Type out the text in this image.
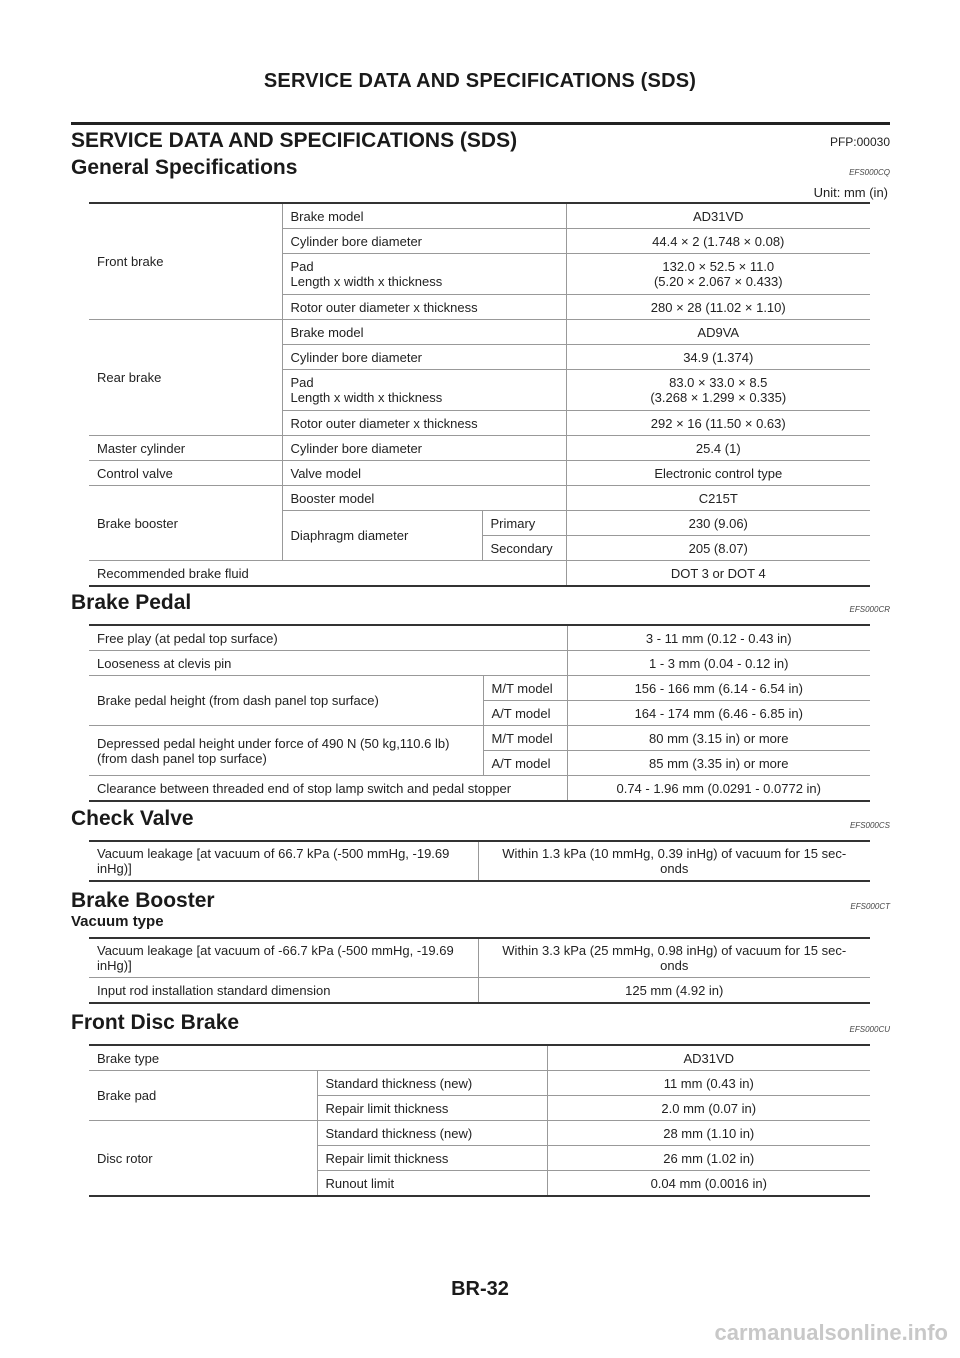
SERVICE DATA AND SPECIFICATIONS (SDS)
SERVICE DATA AND SPECIFICATIONS (SDS)	PFP:00030
General Specifications	EFS000CQ
Unit: mm (in)
Front brake	Brake model		AD31VD
	Cylinder bore diameter		44.4 × 2 (1.748 × 0.08)
	Pad
Length x width x thickness		132.0 × 52.5 × 11.0
(5.20 × 2.067 × 0.433)
	Rotor outer diameter x thickness		280 × 28 (11.02 × 1.10)
Rear brake	Brake model		AD9VA
	Cylinder bore diameter		34.9 (1.374)
	Pad
Length x width x thickness		83.0 × 33.0 × 8.5
(3.268 × 1.299 × 0.335)
	Rotor outer diameter x thickness		292 × 16 (11.50 × 0.63)
Master cylinder	Cylinder bore diameter		25.4 (1)
Control valve	Valve model		Electronic control type
Brake booster	Booster model		C215T
	Diaphragm diameter	Primary	230 (9.06)
		Secondary	205 (8.07)
Recommended brake fluid			DOT 3 or DOT 4
Brake Pedal	EFS000CR
Free play (at pedal top surface)		3 - 11 mm (0.12 - 0.43 in)
Looseness at clevis pin		1 - 3 mm (0.04 - 0.12 in)
Brake pedal height (from dash panel top surface)	M/T model	156 - 166 mm (6.14 - 6.54 in)
	A/T model	164 - 174 mm (6.46 - 6.85 in)
Depressed pedal height under force of 490 N (50 kg,110.6 lb)
(from dash panel top surface)	M/T model	80 mm (3.15 in) or more
	A/T model	85 mm (3.35 in) or more
Clearance between threaded end of stop lamp switch and pedal stopper		0.74 - 1.96 mm (0.0291 - 0.0772 in)
Check Valve	EFS000CS
Vacuum leakage [at vacuum of 66.7 kPa (-500 mmHg, -19.69
inHg)]	Within 1.3 kPa (10 mmHg, 0.39 inHg) of vacuum for 15 sec-
onds
Brake Booster	EFS000CT
Vacuum type
Vacuum leakage [at vacuum of -66.7 kPa (-500 mmHg, -19.69
inHg)]	Within 3.3 kPa (25 mmHg, 0.98 inHg) of vacuum for 15 sec-
onds
Input rod installation standard dimension	125 mm (4.92 in)
Front Disc Brake	EFS000CU
Brake type		AD31VD
Brake pad	Standard thickness (new)	11 mm (0.43 in)
	Repair limit thickness	2.0 mm (0.07 in)
Disc rotor	Standard thickness (new)	28 mm (1.10 in)
	Repair limit thickness	26 mm (1.02 in)
	Runout limit	0.04 mm (0.0016 in)
BR-32
carmanualsonline.info
